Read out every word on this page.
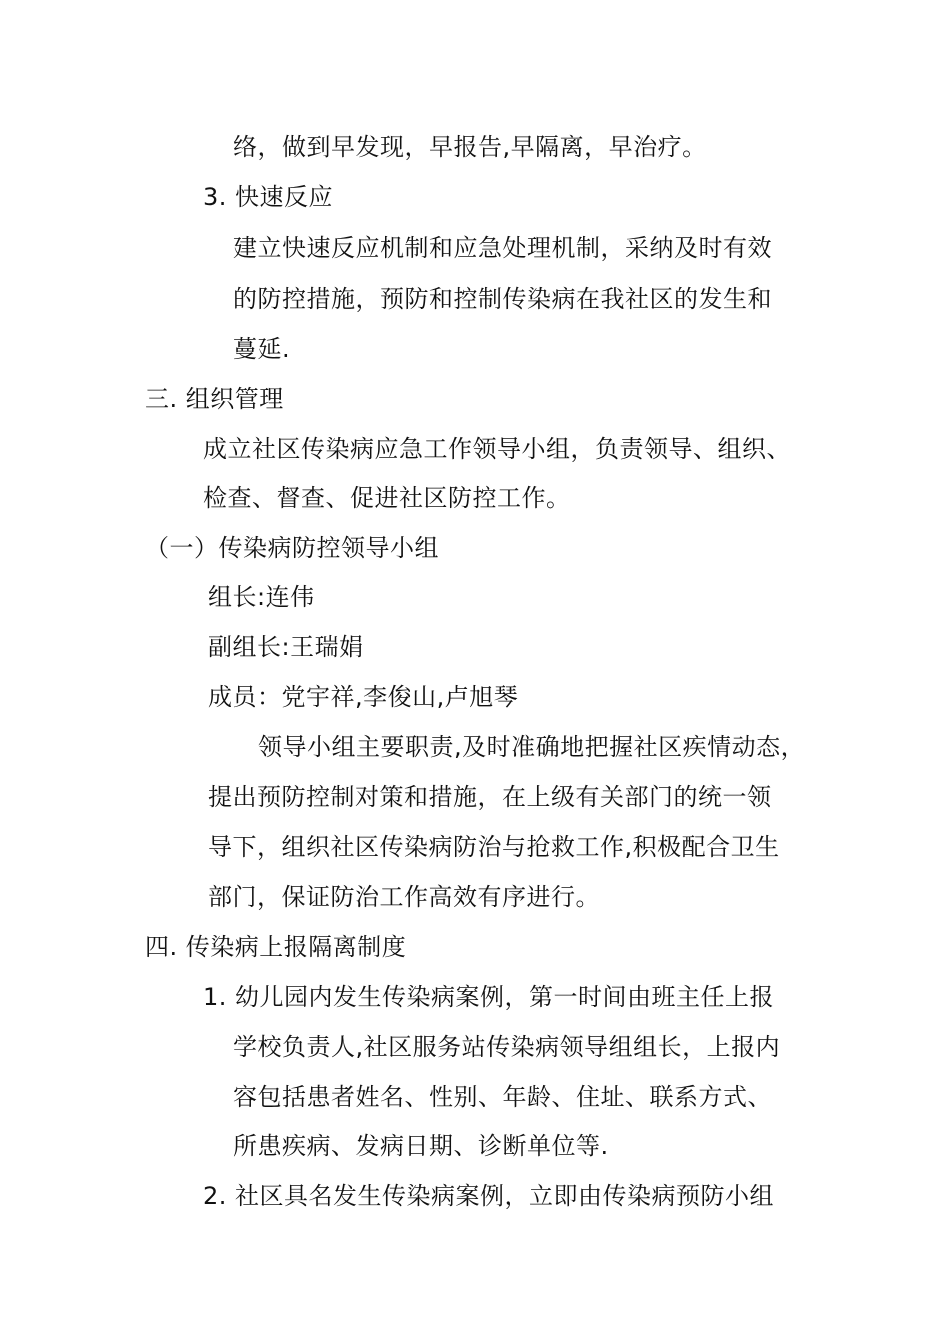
络，做到早发现，早报告,早隔离，早治疗。
3. 快速反应
建立快速反应机制和应急处理机制，采纳及时有效
的防控措施，预防和控制传染病在我社区的发生和
蔓延.
三. 组织管理
成立社区传染病应急工作领导小组，负责领导、组织、
检查、督查、促进社区防控工作。
（一）传染病防控领导小组
组长:连伟
副组长:王瑞娟
成员：党宇祥,李俊山,卢旭琴
领导小组主要职责,及时准确地把握社区疾情动态，
提出预防控制对策和措施，在上级有关部门的统一领
导下，组织社区传染病防治与抢救工作,积极配合卫生
部门，保证防治工作高效有序进行。
四. 传染病上报隔离制度
1. 幼儿园内发生传染病案例，第一时间由班主任上报
学校负责人,社区服务站传染病领导组组长，上报内
容包括患者姓名、性别、年龄、住址、联系方式、
所患疾病、发病日期、诊断单位等.
2. 社区具名发生传染病案例，立即由传染病预防小组
